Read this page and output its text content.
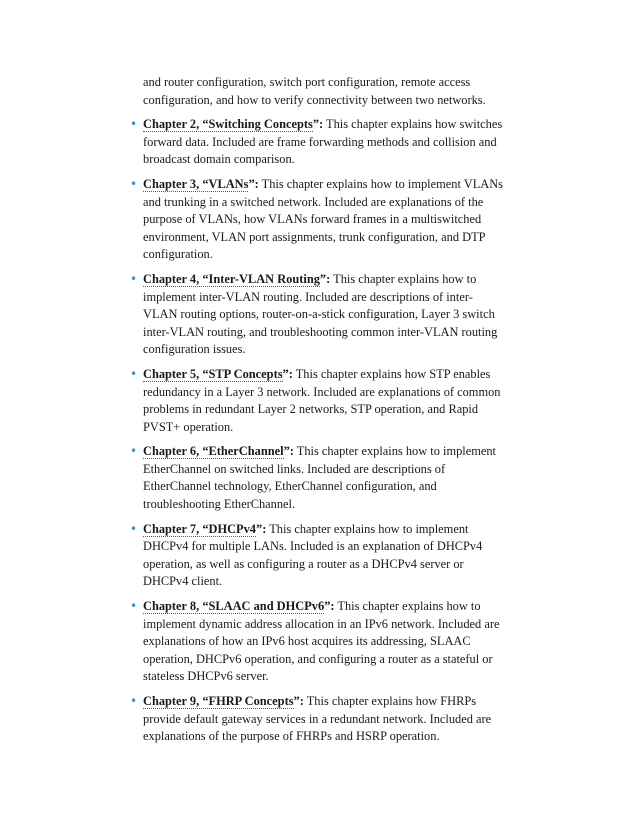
and router configuration, switch port configuration, remote access configuration, and how to verify connectivity between two networks.

• Chapter 2, “Switching Concepts”: This chapter explains how switches forward data. Included are frame forwarding methods and collision and broadcast domain comparison.
• Chapter 3, “VLANs”: This chapter explains how to implement VLANs and trunking in a switched network. Included are explanations of the purpose of VLANs, how VLANs forward frames in a multiswitched environment, VLAN port assignments, trunk configuration, and DTP configuration.
• Chapter 4, “Inter-VLAN Routing”: This chapter explains how to implement inter-VLAN routing. Included are descriptions of inter-VLAN routing options, router-on-a-stick configuration, Layer 3 switch inter-VLAN routing, and troubleshooting common inter-VLAN routing configuration issues.
• Chapter 5, “STP Concepts”: This chapter explains how STP enables redundancy in a Layer 3 network. Included are explanations of common problems in redundant Layer 2 networks, STP operation, and Rapid PVST+ operation.
• Chapter 6, “EtherChannel”: This chapter explains how to implement EtherChannel on switched links. Included are descriptions of EtherChannel technology, EtherChannel configuration, and troubleshooting EtherChannel.
• Chapter 7, “DHCPv4”: This chapter explains how to implement DHCPv4 for multiple LANs. Included is an explanation of DHCPv4 operation, as well as configuring a router as a DHCPv4 server or DHCPv4 client.
• Chapter 8, “SLAAC and DHCPv6”: This chapter explains how to implement dynamic address allocation in an IPv6 network. Included are explanations of how an IPv6 host acquires its addressing, SLAAC operation, DHCPv6 operation, and configuring a router as a stateful or stateless DHCPv6 server.
• Chapter 9, “FHRP Concepts”: This chapter explains how FHRPs provide default gateway services in a redundant network. Included are explanations of the purpose of FHRPs and HSRP operation.
